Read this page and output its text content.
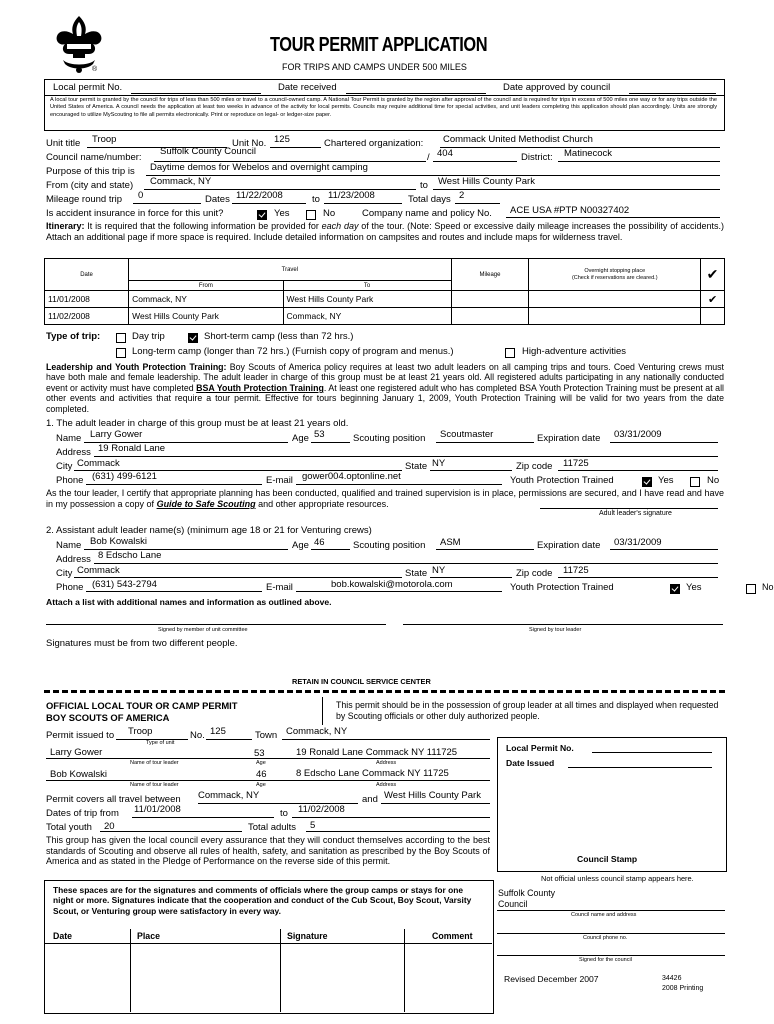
®
TOUR PERMIT APPLICATION
FOR TRIPS AND CAMPS UNDER 500 MILES
Local permit No.	Date received	Date approved by council
A local tour permit is granted by the council for trips of less than 500 miles or travel to a council-owned camp. A National Tour Permit is granted by the region after approval of the council and is required for trips in excess of 500 miles one way or for any trips outside the United States of America. A council needs the application at least two weeks in advance of the activity for local permits. Councils may require additional time for special activities, and unit leaders completing this application should plan accordingly. Units are strongly encouraged to utilize MyScouting to file all permits electronically. Print or reproduce on legal- or ledger-size paper.
Unit title Troop	Unit No. 125	Chartered organization: Commack United Methodist Church
Council name/number:
Suffolk County Council
/ 404	District: Matinecock
Purpose of this trip is Daytime demos for Webelos and overnight camping
From (city and state) Commack, NY	to West Hills County Park
Mileage round trip 0	Dates 11/22/2008	to 11/23/2008	Total days 2
Is accident insurance in force for this unit?	Yes	No	Company name and policy No. ACE USA #PTP N00327402
Itinerary: It is required that the following information be provided for each day of the tour. (Note: Speed or excessive daily mileage increases the possibility of accidents.) Attach an additional page if more space is required. Include detailed information on campsites and routes and include maps for wilderness travel.
Date	Travel		Mileage	Overnight stopping place
(Check if reservations are cleared.)	✔
	From	To			
11/01/2008	Commack, NY	West Hills County Park			✔
11/02/2008	West Hills County Park	Commack, NY			
Type of trip:	Day trip	Short-term camp (less than 72 hrs.)
Long-term camp (longer than 72 hrs.) (Furnish copy of program and menus.)	High-adventure activities
Leadership and Youth Protection Training: Boy Scouts of America policy requires at least two adult leaders on all camping trips and tours. Coed Venturing crews must have both male and female leadership. The adult leader in charge of this group must be at least 21 years old. All registered adults participating in any nationally conducted event or activity must have completed BSA Youth Protection Training. At least one registered adult who has completed BSA Youth Protection Training must be present at all other events and activities that require a tour permit. Effective for tours beginning January 1, 2009, Youth Protection Training will be valid for two years from the date completed.
1. The adult leader in charge of this group must be at least 21 years old.
Name Larry Gower	Age 53	Scouting position Scoutmaster	Expiration date 03/31/2009
Address 19 Ronald Lane
City Commack	State NY	Zip code 11725
Phone (631) 499-6121	E-mail gower004.optonline.net	Youth Protection Trained	Yes	No
As the tour leader, I certify that appropriate planning has been conducted, qualified and trained supervision is in place, permissions are secured, and I have read and have in my possession a copy of Guide to Safe Scouting and other appropriate resources.
Adult leader's signature
2. Assistant adult leader name(s) (minimum age 18 or 21 for Venturing crews)
Name Bob Kowalski	Age 46	Scouting position ASM	Expiration date 03/31/2009
Address 8 Edscho Lane
City Commack	State NY	Zip code 11725
Phone (631) 543-2794	E-mail	bob.kowalski@motorola.com	Youth Protection Trained	Yes	No
Attach a list with additional names and information as outlined above.
Signed by member of unit committee	Signed by tour leader
Signatures must be from two different people.
RETAIN IN COUNCIL SERVICE CENTER
OFFICIAL LOCAL TOUR OR CAMP PERMIT
BOY SCOUTS OF AMERICA
This permit should be in the possession of group leader at all times and displayed when requested by Scouting officials or other duly authorized people.
Permit issued to Troop
Type of unit
No. 125	Town Commack, NY
Larry Gower	53	19 Ronald Lane Commack NY 111725
Name of tour leader	Age	Address
Bob Kowalski	46	8 Edscho Lane Commack NY 11725
Name of tour leader	Age	Address
Permit covers all travel between Commack, NY	and West Hills County Park
Dates of trip from 11/01/2008	to 11/02/2008
Total youth 20	Total adults 5
This group has given the local council every assurance that they will conduct themselves according to the best standards of Scouting and observe all rules of health, safety, and sanitation as prescribed by the Boy Scouts of America and as stated in the Pledge of Performance on the reverse side of this permit.
Local Permit No.
Date Issued
Council Stamp
Not official unless council stamp appears here.
These spaces are for the signatures and comments of officials where the group camps or stays for one night or more. Signatures indicate that the cooperation and conduct of the Cub Scout, Boy Scout, Varsity Scout, or Venturing group were satisfactory in every way.
Date	Place	Signature	Comment
Suffolk County
Council
Council name and address
Council phone no.
Signed for the council
Revised December 2007	34426
2008 Printing
